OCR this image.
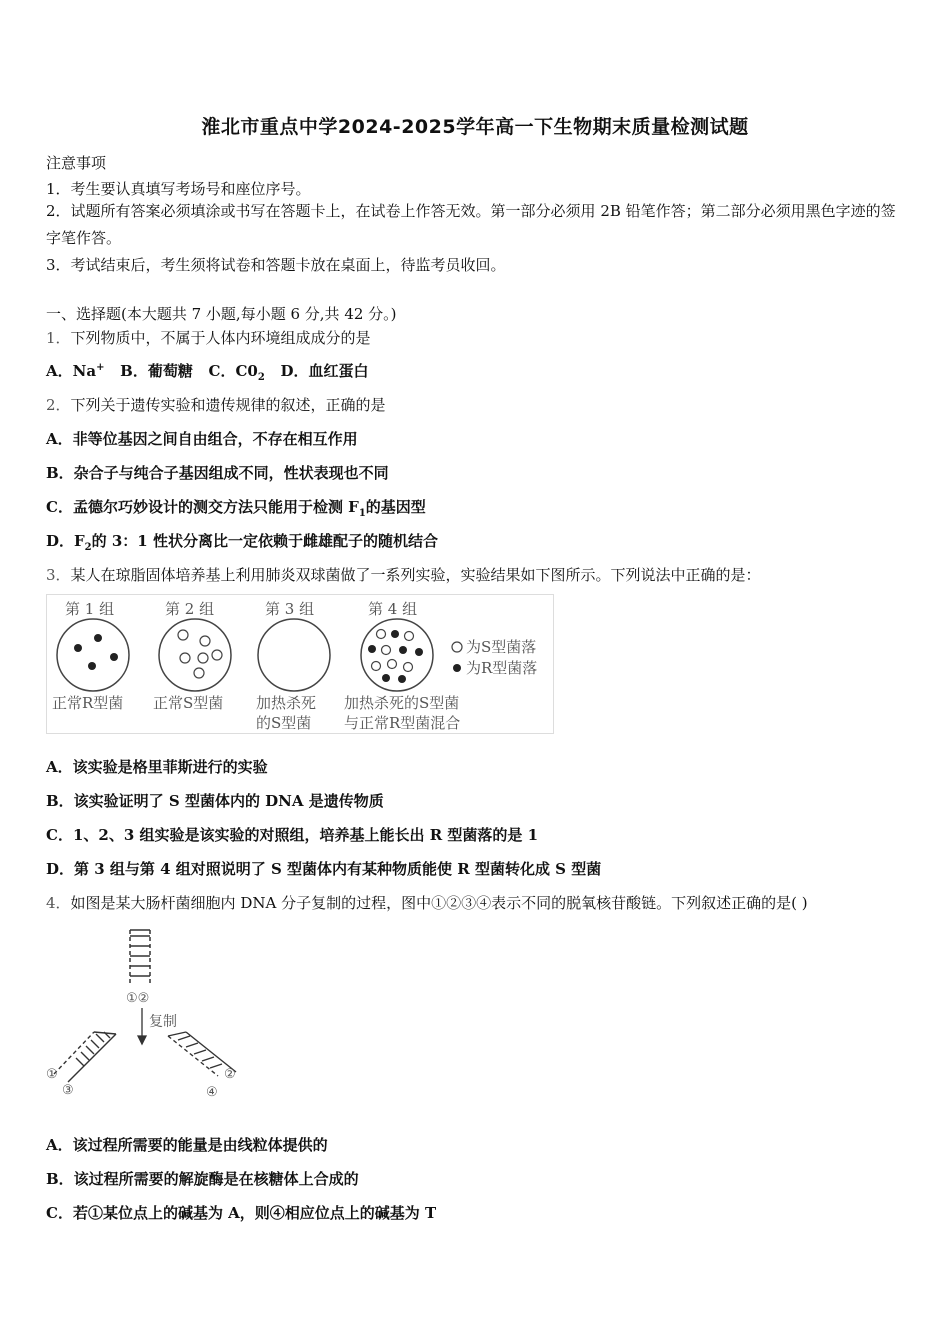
淮北市重点中学2024-2025学年高一下生物期末质量检测试题
注意事项
1．考生要认真填写考场号和座位序号。
2．试题所有答案必须填涂或书写在答题卡上，在试卷上作答无效。第一部分必须用 2B 铅笔作答；第二部分必须用黑色字迹的签字笔作答。
3．考试结束后，考生须将试卷和答题卡放在桌面上，待监考员收回。
一、选择题(本大题共 7 小题,每小题 6 分,共 42 分。)
1．下列物质中，不属于人体内环境组成成分的是
A．Na+ B．葡萄糖 C．$C0_2$ D．血红蛋白
2．下列关于遗传实验和遗传规律的叙述，正确的是
A．非等位基因之间自由组合，不存在相互作用
B．杂合子与纯合子基因组成不同，性状表现也不同
C．孟德尔巧妙设计的测交方法只能用于检测 $F_1$的基因型
D．$F_2$的 3：1 性状分离比一定依赖于雌雄配子的随机结合
3．某人在琼脂固体培养基上利用肺炎双球菌做了一系列实验，实验结果如下图所示。下列说法中正确的是：
第 1 组	第 2 组	第 3 组	第 4 组
为S型菌落
为R型菌落
正常R型菌 正常S型菌 加热杀死
的S型菌
加热杀死的S型菌
与正常R型菌混合
A．该实验是格里菲斯进行的实验
B．该实验证明了 S 型菌体内的 DNA 是遗传物质
C．1、2、3 组实验是该实验的对照组，培养基上能长出 R 型菌落的是 1
D．第 3 组与第 4 组对照说明了 S 型菌体内有某种物质能使 R 型菌转化成 S 型菌
4．如图是某大肠杆菌细胞内 DNA 分子复制的过程，图中①②③④表示不同的脱氧核苷酸链。下列叙述正确的是( )
①②
复制
①
③
②
④
A．该过程所需要的能量是由线粒体提供的
B．该过程所需要的解旋酶是在核糖体上合成的
C．若①某位点上的碱基为 A，则④相应位点上的碱基为 T
